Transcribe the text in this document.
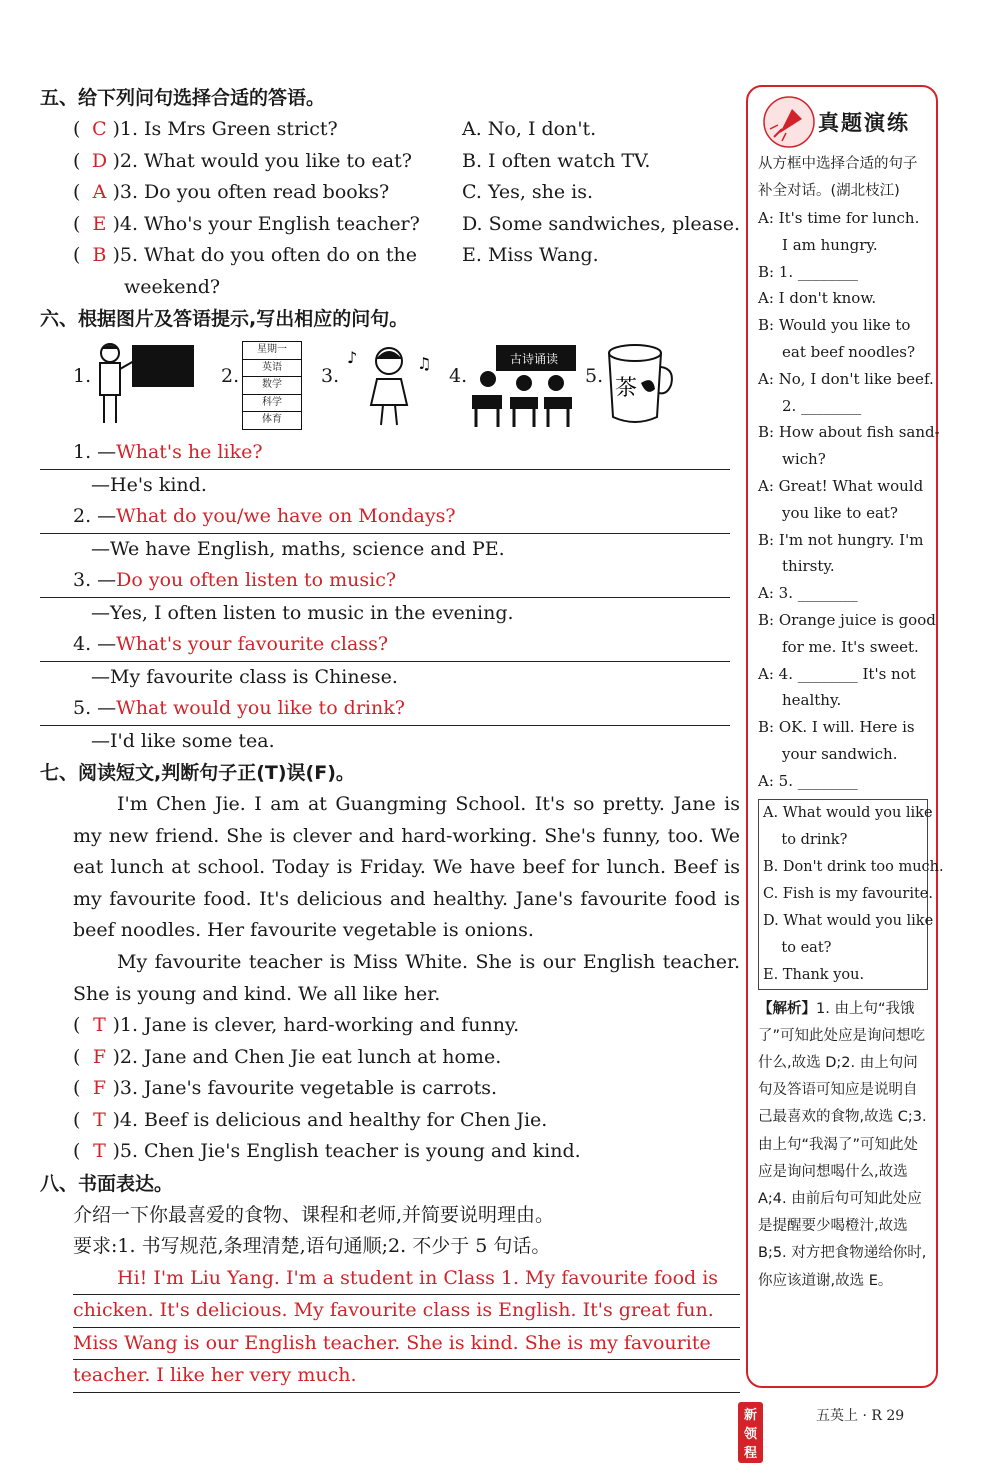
五、给下列问句选择合适的答语。
( C )1. Is Mrs Green strict?	A. No, I don't.
( D )2. What would you like to eat?	B. I often watch TV.
( A )3. Do you often read books?	C. Yes, she is.
( E )4. Who's your English teacher?	D. Some sandwiches, please.
( B )5. What do you often do on the	E. Miss Wang.
weekend?
六、根据图片及答语提示,写出相应的问句。
1.	2.
星期一
英语
数学
科学
体育
3.
♪	♫
4.
古诗诵读
5. 茶
1. —What's he like?
—He's kind.
2. —What do you/we have on Mondays?
—We have English, maths, science and PE.
3. —Do you often listen to music?
—Yes, I often listen to music in the evening.
4. —What's your favourite class?
—My favourite class is Chinese.
5. —What would you like to drink?
—I'd like some tea.
七、阅读短文,判断句子正(T)误(F)。

I'm Chen Jie. I am at Guangming School. It's so pretty. Jane is my new friend. She is clever and hard-working. She's funny, too. We eat lunch at school. Today is Friday. We have beef for lunch. Beef is my favourite food. It's delicious and healthy. Jane's favourite food is beef noodles. Her favourite vegetable is onions.

My favourite teacher is Miss White. She is our English teacher. She is young and kind. We all like her.

( T )1. Jane is clever, hard-working and funny.
( F )2. Jane and Chen Jie eat lunch at home.
( F )3. Jane's favourite vegetable is carrots.
( T )4. Beef is delicious and healthy for Chen Jie.
( T )5. Chen Jie's English teacher is young and kind.
八、书面表达。
介绍一下你最喜爱的食物、课程和老师,并简要说明理由。
要求:1. 书写规范,条理清楚,语句通顺;2. 不少于 5 句话。
Hi! I'm Liu Yang. I'm a student in Class 1. My favourite food is
chicken. It's delicious. My favourite class is English. It's great fun.
Miss Wang is our English teacher. She is kind. She is my favourite
teacher. I like her very much.
真题演练
从方框中选择合适的句子补全对话。(湖北枝江)
A: It's time for lunch.
I am hungry.
B: 1. ________
A: I don't know.
B: Would you like to
eat beef noodles?
A: No, I don't like beef.
2. ________
B: How about fish sand-
wich?
A: Great! What would
you like to eat?
B: I'm not hungry. I'm
thirsty.
A: 3. ________
B: Orange juice is good
for me. It's sweet.
A: 4. ________ It's not
healthy.
B: OK. I will. Here is
your sandwich.
A: 5. ________
A. What would you like
to drink?
B. Don't drink too much.
C. Fish is my favourite.
D. What would you like
to eat?
E. Thank you.
【解析】1. 由上句“我饿了”可知此处应是询问想吃什么,故选 D;2. 由上句问句及答语可知应是说明自己最喜欢的食物,故选 C;3. 由上句“我渴了”可知此处应是询问想喝什么,故选 A;4. 由前后句可知此处应是提醒要少喝橙汁,故选 B;5. 对方把食物递给你时,你应该道谢,故选 E。
新领程
五英上 · R 29
